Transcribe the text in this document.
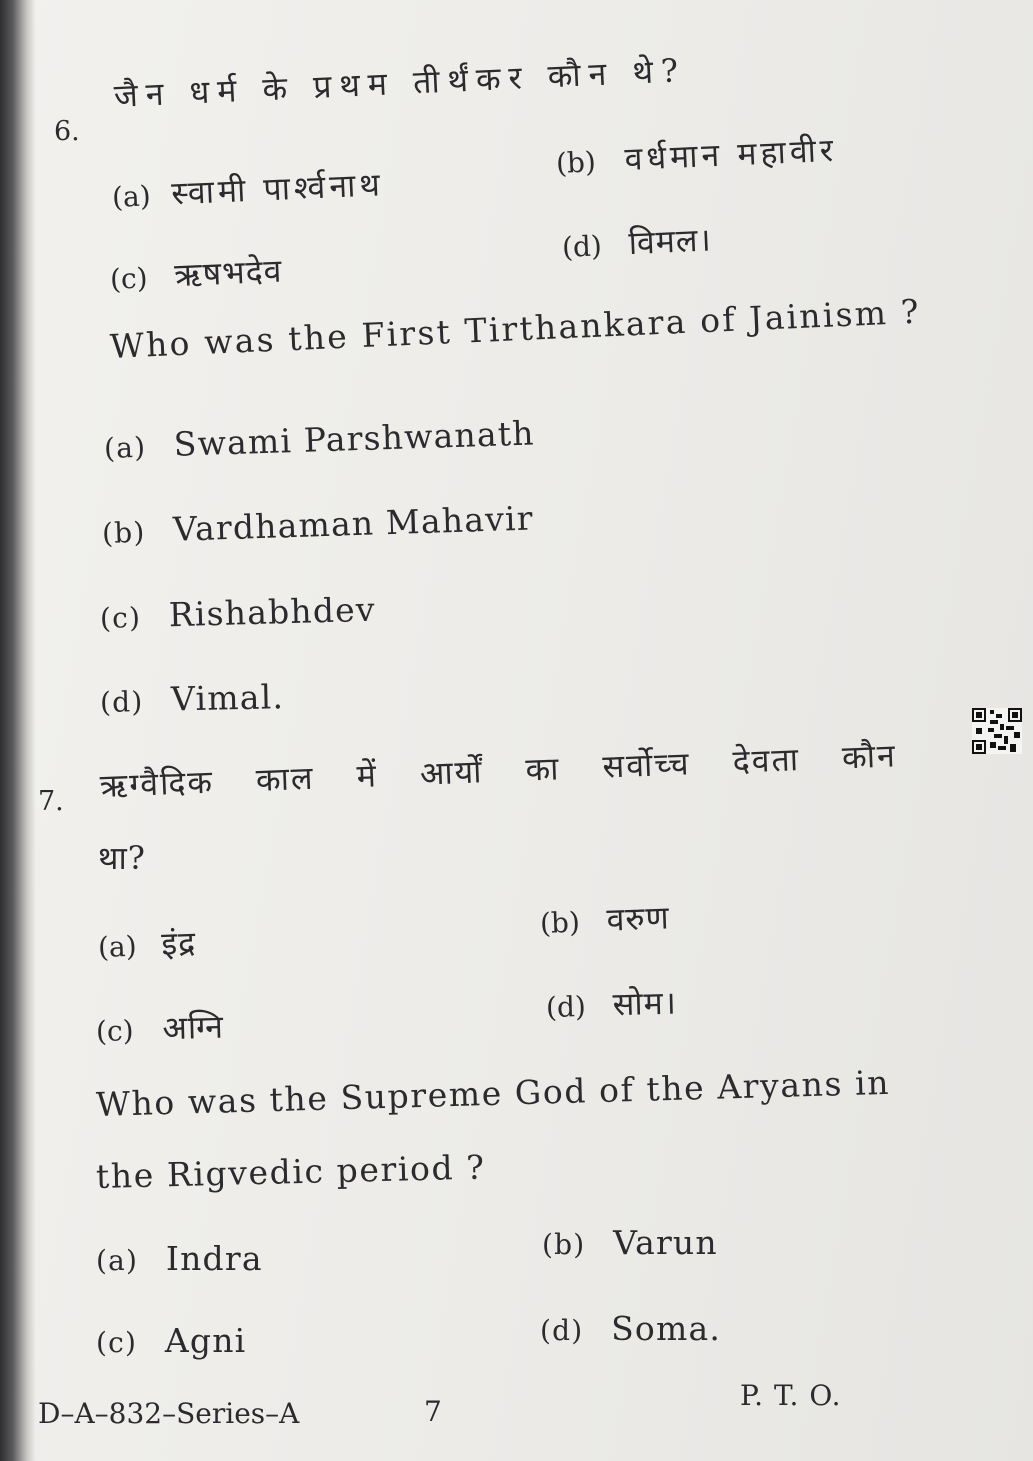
6.
जैन धर्म के प्रथम तीर्थंकर कौन थे?
(a) स्वामी पार्श्वनाथ
(b) वर्धमान महावीर
(c) ऋषभदेव
(d) विमल।
Who was the First Tirthankara of Jainism ?
(a) Swami Parshwanath
(b) Vardhaman Mahavir
(c) Rishabhdev
(d) Vimal.
7. ऋग्वैदिक काल में आर्यों का सर्वोच्च देवता कौन
था?
(a) इंद्र
(b) वरुण
(c) अग्नि
(d) सोम।
Who was the Supreme God of the Aryans in
the Rigvedic period ?
(a) Indra	(b) Varun
(c) Agni	(d) Soma.
D–A–832–Series–A	7	P. T. O.
